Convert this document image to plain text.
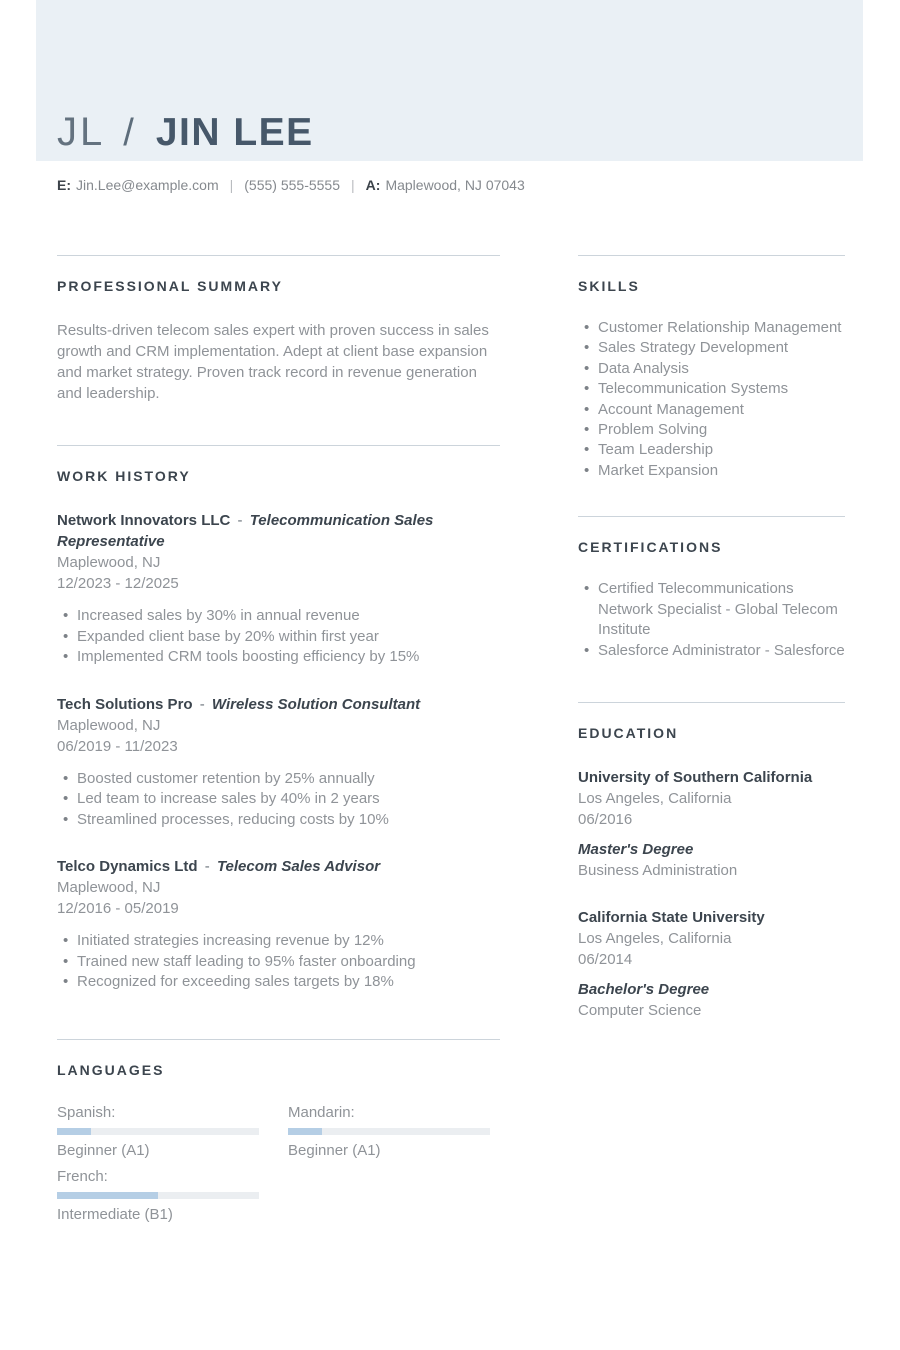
JL / JIN LEE
E: Jin.Lee@example.com | (555) 555-5555 | A: Maplewood, NJ 07043
PROFESSIONAL SUMMARY

Results-driven telecom sales expert with proven success in sales growth and CRM implementation. Adept at client base expansion and market strategy. Proven track record in revenue generation and leadership.

WORK HISTORY
Network Innovators LLC - Telecommunication Sales Representative
Maplewood, NJ
12/2023 - 12/2025
• Increased sales by 30% in annual revenue
• Expanded client base by 20% within first year
• Implemented CRM tools boosting efficiency by 15%
Tech Solutions Pro - Wireless Solution Consultant
Maplewood, NJ
06/2019 - 11/2023
• Boosted customer retention by 25% annually
• Led team to increase sales by 40% in 2 years
• Streamlined processes, reducing costs by 10%
Telco Dynamics Ltd - Telecom Sales Advisor
Maplewood, NJ
12/2016 - 05/2019
• Initiated strategies increasing revenue by 12%
• Trained new staff leading to 95% faster onboarding
• Recognized for exceeding sales targets by 18%
LANGUAGES
Spanish:
Beginner (A1)
Mandarin:
Beginner (A1)
French:
Intermediate (B1)
SKILLS
• Customer Relationship Management
• Sales Strategy Development
• Data Analysis
• Telecommunication Systems
• Account Management
• Problem Solving
• Team Leadership
• Market Expansion
CERTIFICATIONS
• Certified Telecommunications Network Specialist - Global Telecom Institute
• Salesforce Administrator - Salesforce
EDUCATION
University of Southern California
Los Angeles, California
06/2016
Master's Degree
Business Administration
California State University
Los Angeles, California
06/2014
Bachelor's Degree
Computer Science
